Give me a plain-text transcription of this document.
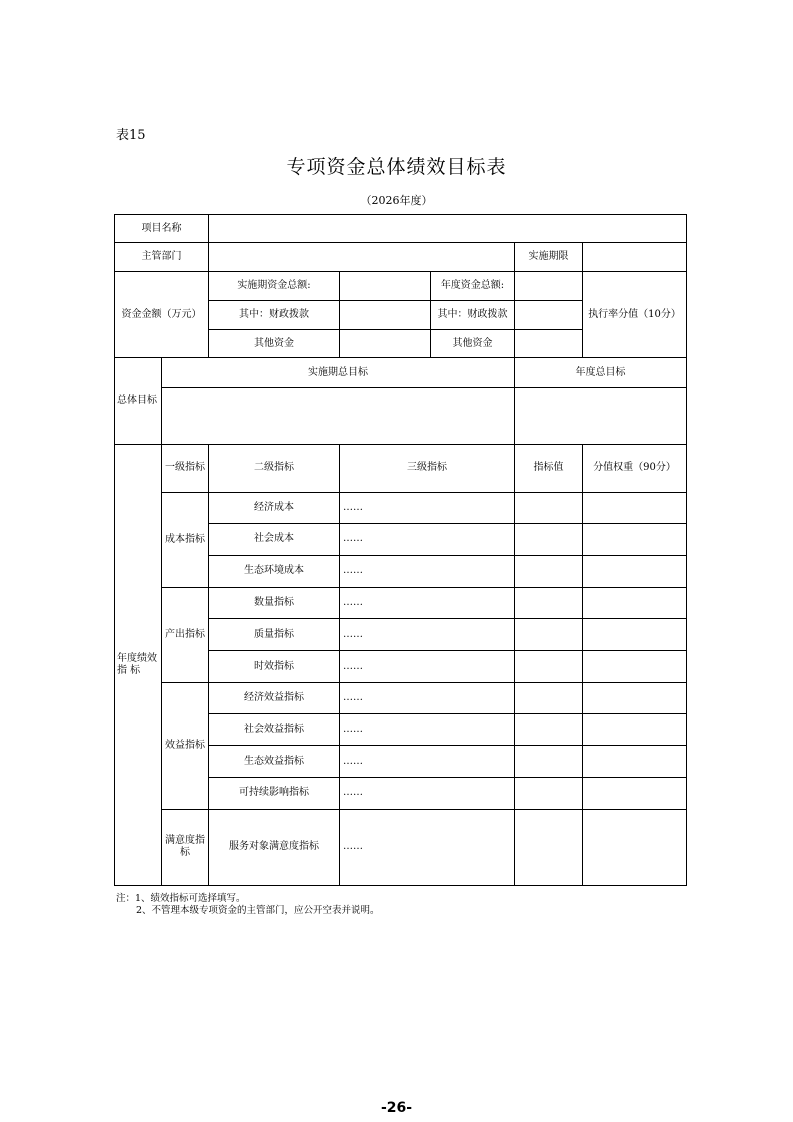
表15
专项资金总体绩效目标表
（2026年度）
项目名称						
主管部门					实施期限	
资金金额（万元）		实施期资金总额:		年度资金总额:		执行率分值（10分）
		其中：财政拨款		其中：财政拨款		
		其他资金		其他资金		
总体目标	实施期总目标				年度总目标	

年度绩效指 标	一级指标	二级指标	三级指标		指标值	分值权重（90分）
	成本指标	经济成本	……			
		社会成本	……			
		生态环境成本	……			
	产出指标	数量指标	……			
		质量指标	……			
		时效指标	……			
	效益指标	经济效益指标	……			
		社会效益指标	……			
		生态效益指标	……			
		可持续影响指标	……			
	满意度指标	服务对象满意度指标	……			
注：1、绩效指标可选择填写。
2、不管理本级专项资金的主管部门，应公开空表并说明。
-26-
